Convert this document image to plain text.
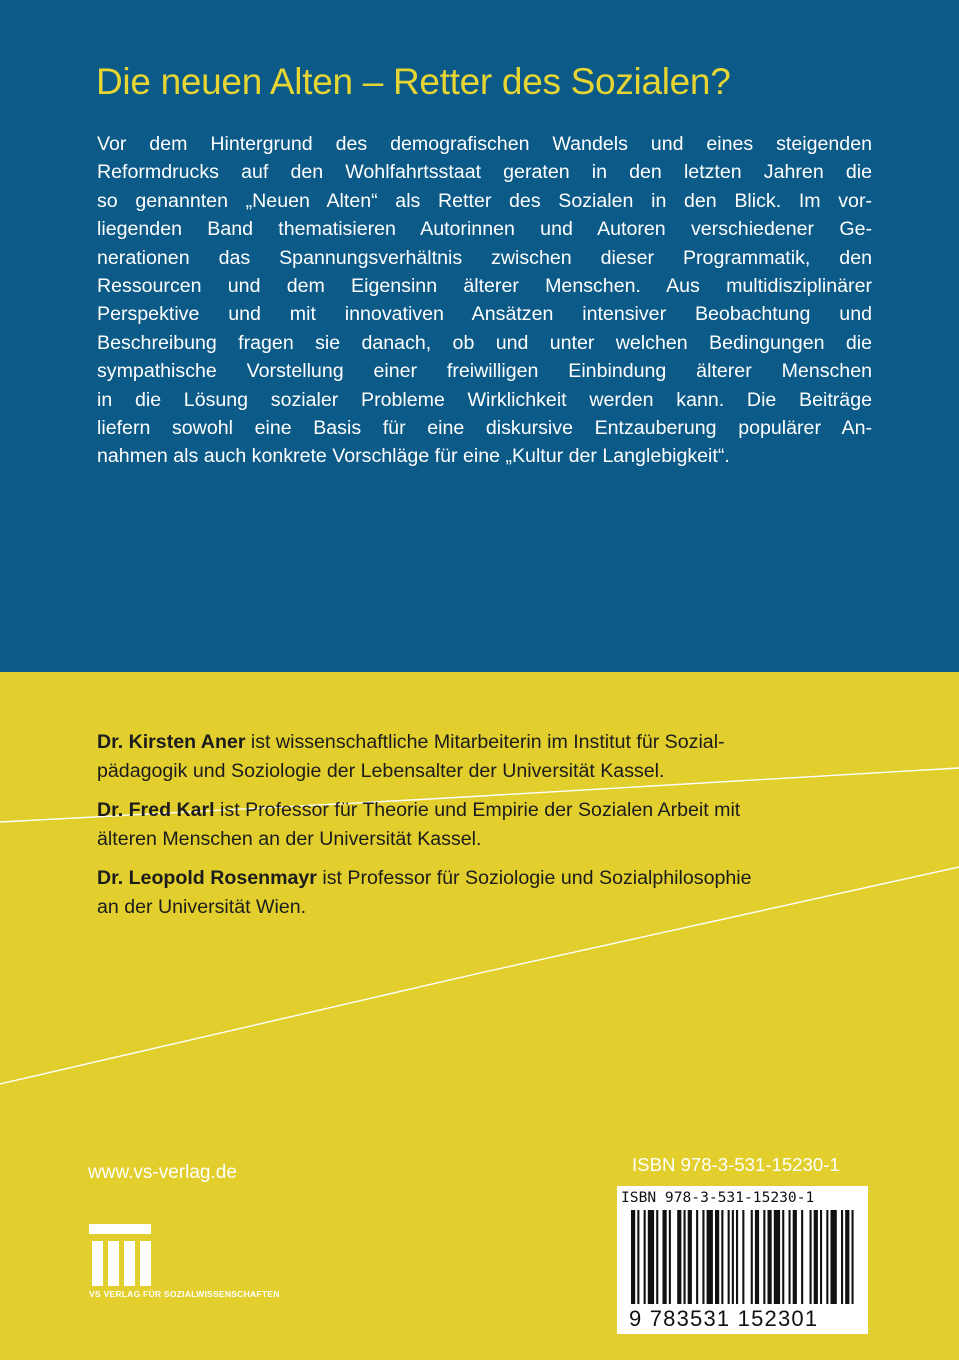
Die neuen Alten – Retter des Sozialen?
Vor dem Hintergrund des demografischen Wandels und eines steigenden
Reformdrucks auf den Wohlfahrtsstaat geraten in den letzten Jahren die
so genannten „Neuen Alten“ als Retter des Sozialen in den Blick. Im vor-
liegenden Band thematisieren Autorinnen und Autoren verschiedener Ge-
nerationen das Spannungsverhältnis zwischen dieser Programmatik, den
Ressourcen und dem Eigensinn älterer Menschen. Aus multidisziplinärer
Perspektive und mit innovativen Ansätzen intensiver Beobachtung und
Beschreibung fragen sie danach, ob und unter welchen Bedingungen die
sympathische Vorstellung einer freiwilligen Einbindung älterer Menschen
in die Lösung sozialer Probleme Wirklichkeit werden kann. Die Beiträge
liefern sowohl eine Basis für eine diskursive Entzauberung populärer An-
nahmen als auch konkrete Vorschläge für eine „Kultur der Langlebigkeit“.

Dr. Kirsten Aner ist wissenschaftliche Mitarbeiterin im Institut für Sozial-
pädagogik und Soziologie der Lebensalter der Universität Kassel.

Dr. Fred Karl ist Professor für Theorie und Empirie der Sozialen Arbeit mit
älteren Menschen an der Universität Kassel.

Dr. Leopold Rosenmayr ist Professor für Soziologie und Sozialphilosophie
an der Universität Wien.

www.vs-verlag.de
VS VERLAG FÜR SOZIALWISSENSCHAFTEN
ISBN 978-3-531-15230-1
ISBN 978-3-531-15230-1
9 783531 152301
